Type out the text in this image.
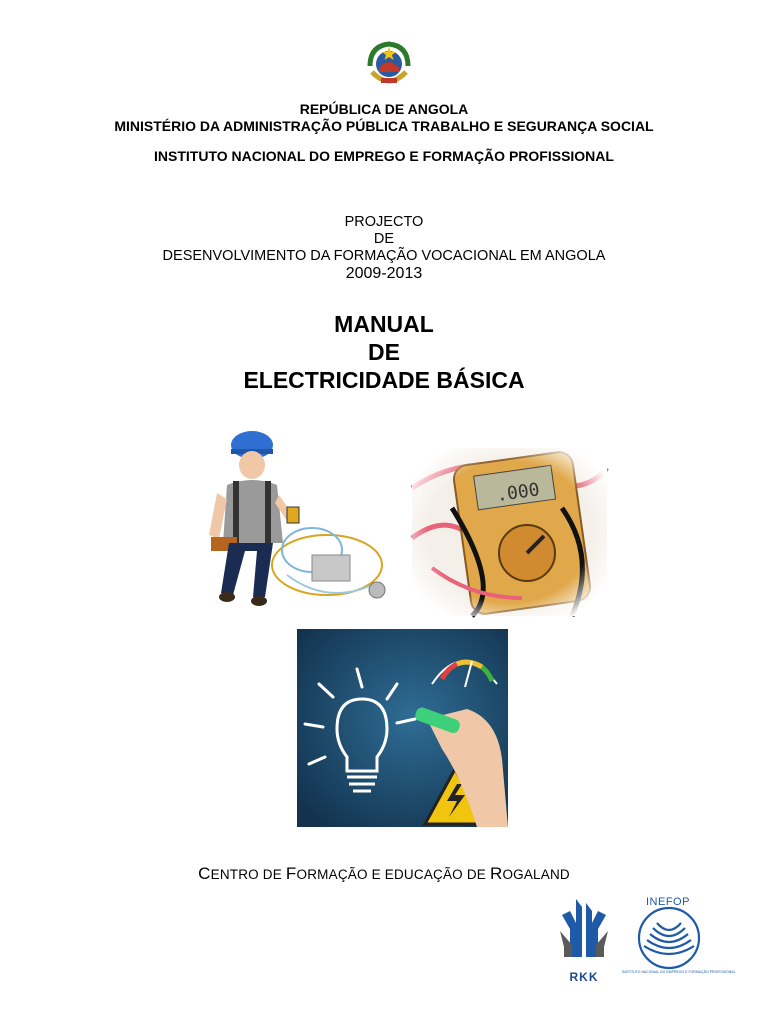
REPÚBLICA DE ANGOLA
MINISTÉRIO DA ADMINISTRAÇÃO PÚBLICA TRABALHO E SEGURANÇA SOCIAL
INSTITUTO NACIONAL DO EMPREGO E FORMAÇÃO PROFISSIONAL
PROJECTO
DE
DESENVOLVIMENTO DA FORMAÇÃO VOCACIONAL EM ANGOLA
2009-2013
MANUAL
DE
ELECTRICIDADE BÁSICA
CENTRO DE FORMAÇÃO E EDUCAÇÃO DE ROGALAND
RKK
INEFOP
INSTITUTO NACIONAL DO EMPREGO E FORMAÇÃO PROFISSIONAL
